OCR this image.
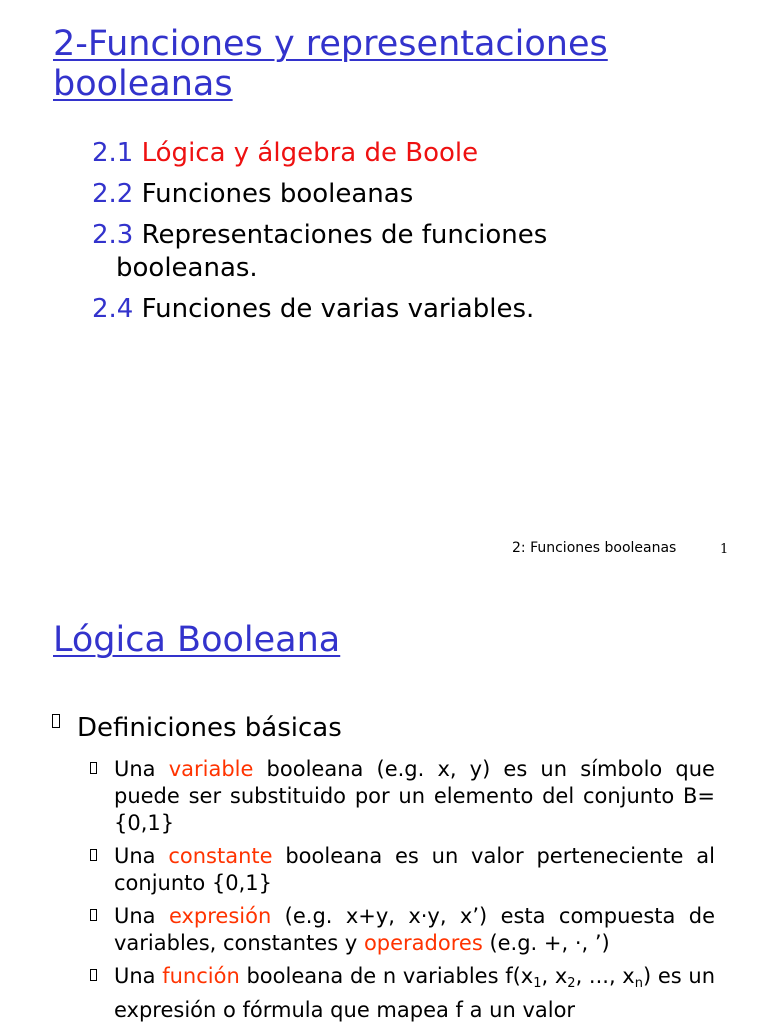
2-Funciones y representaciones booleanas
2.1 Lógica y álgebra de Boole
2.2 Funciones booleanas
2.3 Representaciones de funciones booleanas.
2.4 Funciones de varias variables.
2: Funciones booleanas	1
Lógica Booleana
Definiciones básicas
Una variable booleana (e.g. x, y) es un símbolo que puede ser substituido por un elemento del conjunto B={0,1}
Una constante booleana es un valor perteneciente al conjunto {0,1}
Una expresión (e.g. x+y, x·y, x’) esta compuesta de variables, constantes y operadores (e.g. +, ·, ’)
Una función booleana de n variables $f(x_1$, $x_2$, ..., $x_n$) es un expresión o fórmula que mapea f a un valor
